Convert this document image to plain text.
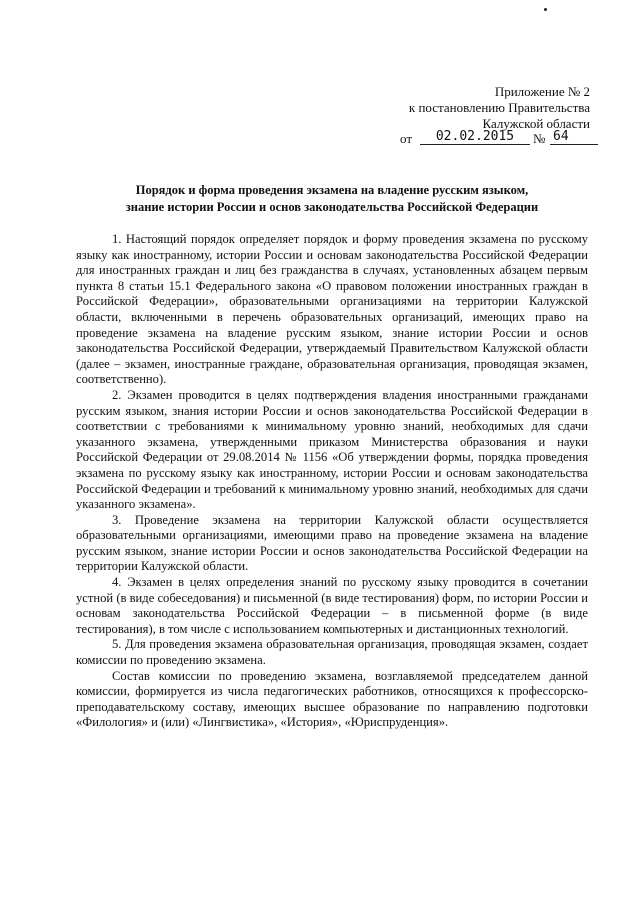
Приложение № 2
к постановлению Правительства
Калужской области
от	02.02.2015	№ 64
Порядок и форма проведения экзамена на владение русским языком,
знание истории России и основ законодательства Российской Федерации

1. Настоящий порядок определяет порядок и форму проведения экзамена по русскому языку как иностранному, истории России и основам законодательства Российской Федерации для иностранных граждан и лиц без гражданства в случаях, установленных абзацем первым пункта 8 статьи 15.1 Федерального закона «О правовом положении иностранных граждан в Российской Федерации», образовательными организациями на территории Калужской области, включенными в перечень образовательных организаций, имеющих право на проведение экзамена на владение русским языком, знание истории России и основ законодательства Российской Федерации, утверждаемый Правительством Калужской области (далее – экзамен, иностранные граждане, образовательная организация, проводящая экзамен, соответственно).

2. Экзамен проводится в целях подтверждения владения иностранными гражданами русским языком, знания истории России и основ законодательства Российской Федерации в соответствии с требованиями к минимальному уровню знаний, необходимых для сдачи указанного экзамена, утвержденными приказом Министерства образования и науки Российской Федерации от 29.08.2014 № 1156 «Об утверждении формы, порядка проведения экзамена по русскому языку как иностранному, истории России и основам законодательства Российской Федерации и требований к минимальному уровню знаний, необходимых для сдачи указанного экзамена».

3. Проведение экзамена на территории Калужской области осуществляется образовательными организациями, имеющими право на проведение экзамена на владение русским языком, знание истории России и основ законодательства Российской Федерации на территории Калужской области.

4. Экзамен в целях определения знаний по русскому языку проводится в сочетании устной (в виде собеседования) и письменной (в виде тестирования) форм, по истории России и основам законодательства Российской Федерации – в письменной форме (в виде тестирования), в том числе с использованием компьютерных и дистанционных технологий.

5. Для проведения экзамена образовательная организация, проводящая экзамен, создает комиссии по проведению экзамена.

Состав комиссии по проведению экзамена, возглавляемой председателем данной комиссии, формируется из числа педагогических работников, относящихся к профессорско-преподавательскому составу, имеющих высшее образование по направлению подготовки «Филология» и (или) «Лингвистика», «История», «Юриспруденция».
